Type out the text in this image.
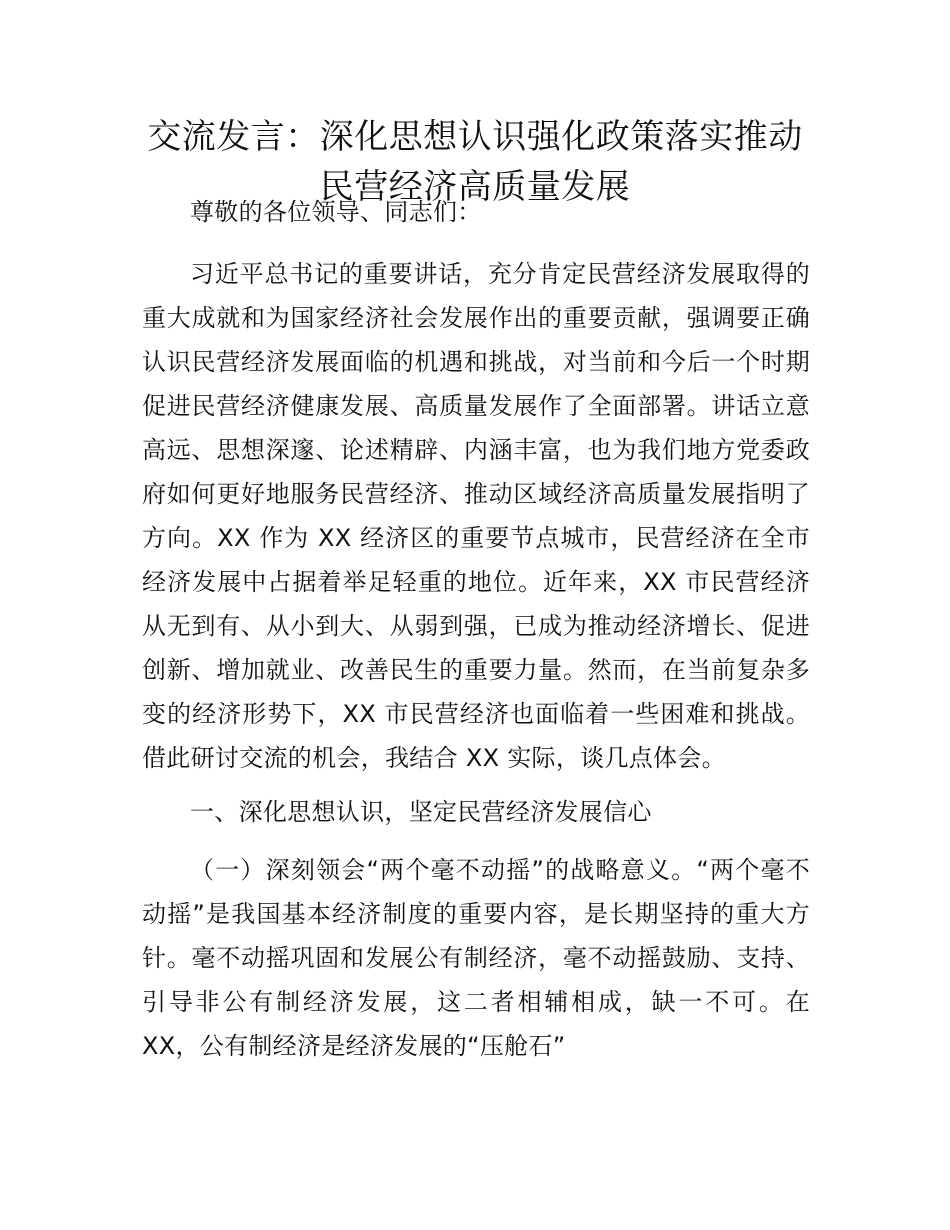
交流发言：深化思想认识强化政策落实推动民营经济高质量发展

尊敬的各位领导、同志们：

习近平总书记的重要讲话，充分肯定民营经济发展取得的重大成就和为国家经济社会发展作出的重要贡献，强调要正确认识民营经济发展面临的机遇和挑战，对当前和今后一个时期促进民营经济健康发展、高质量发展作了全面部署。讲话立意高远、思想深邃、论述精辟、内涵丰富，也为我们地方党委政府如何更好地服务民营经济、推动区域经济高质量发展指明了方向。XX 作为 XX 经济区的重要节点城市，民营经济在全市经济发展中占据着举足轻重的地位。近年来，XX 市民营经济从无到有、从小到大、从弱到强，已成为推动经济增长、促进创新、增加就业、改善民生的重要力量。然而，在当前复杂多变的经济形势下，XX 市民营经济也面临着一些困难和挑战。借此研讨交流的机会，我结合 XX 实际，谈几点体会。

一、深化思想认识，坚定民营经济发展信心

（一）深刻领会“两个毫不动摇”的战略意义。“两个毫不动摇”是我国基本经济制度的重要内容，是长期坚持的重大方针。毫不动摇巩固和发展公有制经济，毫不动摇鼓励、支持、引导非公有制经济发展，这二者相辅相成，缺一不可。在 XX，公有制经济是经济发展的“压舱石”
